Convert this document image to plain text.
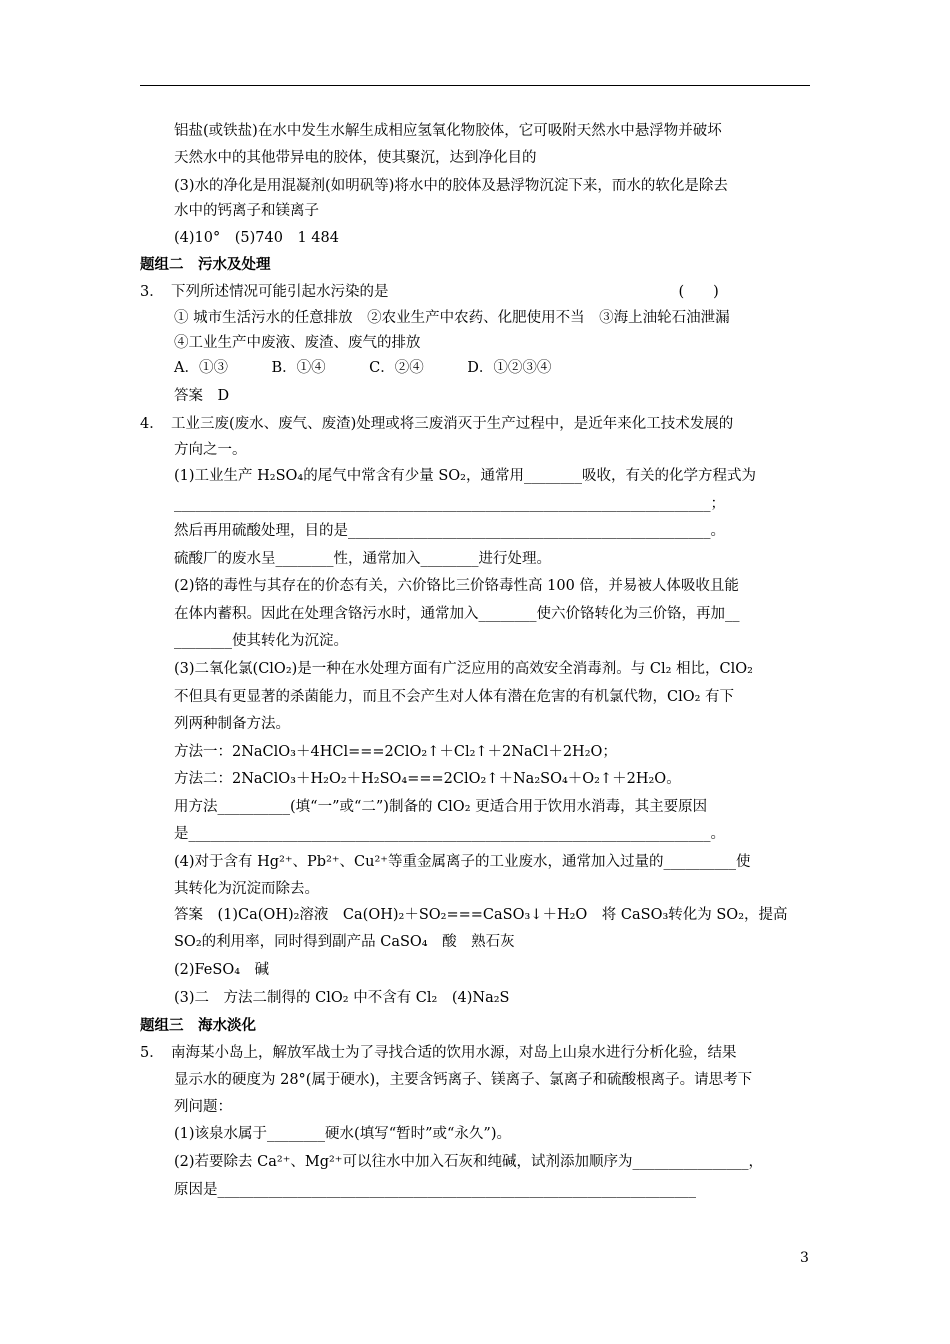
铝盐(或铁盐)在水中发生水解生成相应氢氧化物胶体，它可吸附天然水中悬浮物并破坏
天然水中的其他带异电的胶体，使其聚沉，达到净化目的
(3)水的净化是用混凝剂(如明矾等)将水中的胶体及悬浮物沉淀下来，而水的软化是除去
水中的钙离子和镁离子
(4)10°　(5)740　1 484
题组二　污水及处理
3．　下列所述情况可能引起水污染的是　　　　　　　　　　　　　　　　　　　　(　　)
① 城市生活污水的任意排放　②农业生产中农药、化肥使用不当　③海上油轮石油泄漏
④工业生产中废液、废渣、废气的排放
A．①③　　　B．①④　　　C．②④　　　D．①②③④
答案　D
4．　工业三废(废水、废气、废渣)处理或将三废消灭于生产过程中，是近年来化工技术发展的
方向之一。
(1)工业生产 H₂SO₄的尾气中常含有少量 SO₂，通常用________吸收，有关的化学方程式为
__________________________________________________________________________；
然后再用硫酸处理，目的是__________________________________________________。
硫酸厂的废水呈________性，通常加入________进行处理。
(2)铬的毒性与其存在的价态有关，六价铬比三价铬毒性高 100 倍，并易被人体吸收且能
在体内蓄积。因此在处理含铬污水时，通常加入________使六价铬转化为三价铬，再加__
________使其转化为沉淀。
(3)二氧化氯(ClO₂)是一种在水处理方面有广泛应用的高效安全消毒剂。与 Cl₂ 相比，ClO₂
不但具有更显著的杀菌能力，而且不会产生对人体有潜在危害的有机氯代物，ClO₂ 有下
列两种制备方法。
方法一：2NaClO₃＋4HCl===2ClO₂↑＋Cl₂↑＋2NaCl＋2H₂O；
方法二：2NaClO₃＋H₂O₂＋H₂SO₄===2ClO₂↑＋Na₂SO₄＋O₂↑＋2H₂O。
用方法__________(填“一”或“二”)制备的 ClO₂ 更适合用于饮用水消毒，其主要原因
是________________________________________________________________________。
(4)对于含有 Hg²⁺、Pb²⁺、Cu²⁺等重金属离子的工业废水，通常加入过量的__________使
其转化为沉淀而除去。
答案　(1)Ca(OH)₂溶液　Ca(OH)₂＋SO₂===CaSO₃↓＋H₂O　将 CaSO₃转化为 SO₂，提高
SO₂的利用率，同时得到副产品 CaSO₄　酸　熟石灰
(2)FeSO₄　碱
(3)二　方法二制得的 ClO₂ 中不含有 Cl₂　(4)Na₂S
题组三　海水淡化
5．　南海某小岛上，解放军战士为了寻找合适的饮用水源，对岛上山泉水进行分析化验，结果
显示水的硬度为 28°(属于硬水)，主要含钙离子、镁离子、氯离子和硫酸根离子。请思考下
列问题：
(1)该泉水属于________硬水(填写“暂时”或“永久”)。
(2)若要除去 Ca²⁺、Mg²⁺可以往水中加入石灰和纯碱，试剂添加顺序为________________，
原因是__________________________________________________________________
3
